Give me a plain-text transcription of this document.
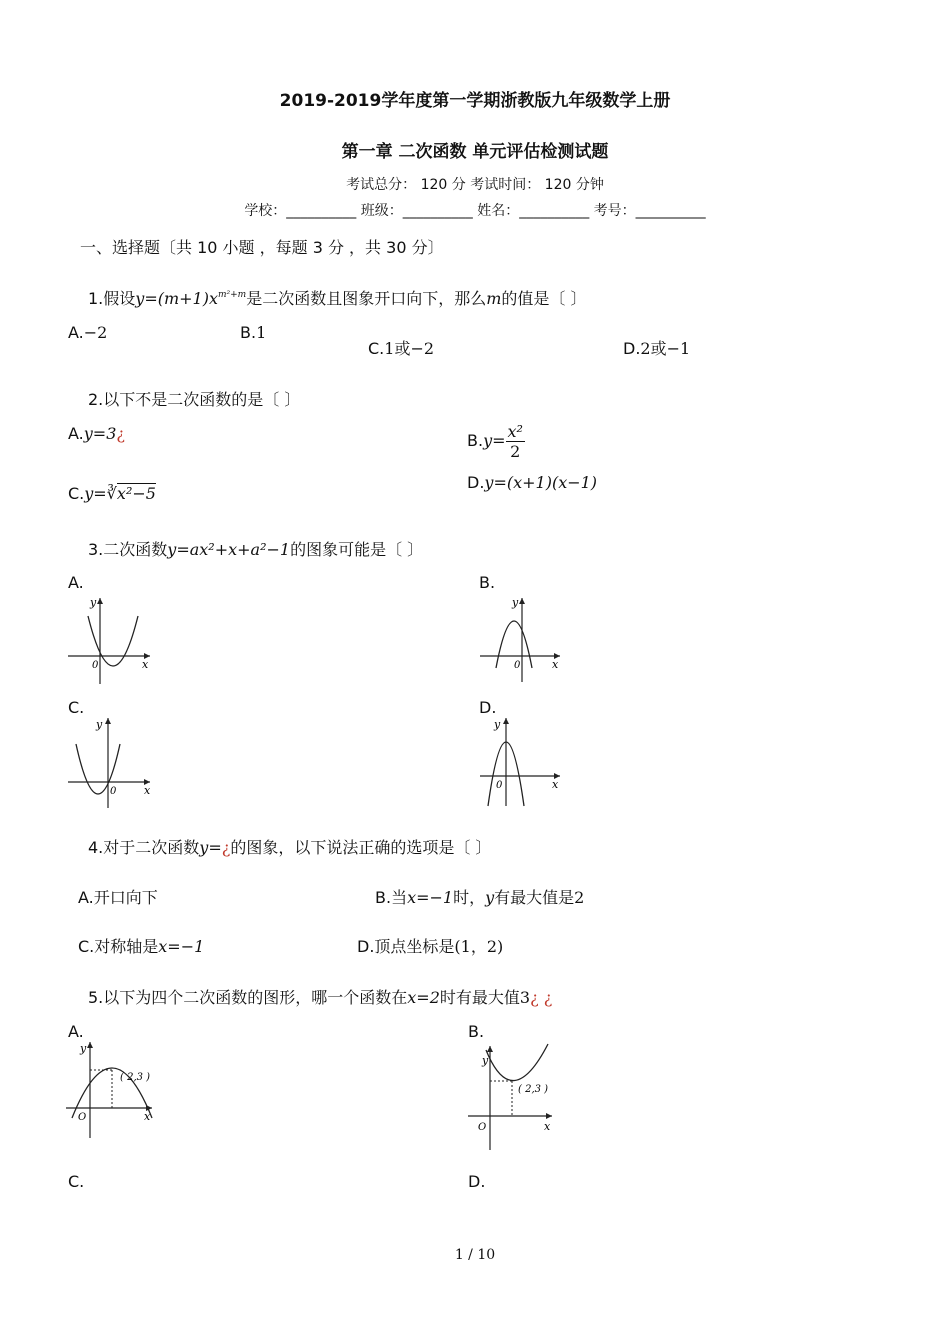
2019-2019学年度第一学期浙教版九年级数学上册
第一章 二次函数 单元评估检测试题
考试总分： 120 分 考试时间： 120 分钟
学校：__________ 班级：__________ 姓名：__________ 考号：__________
一、选择题〔共 10 小题 ，每题 3 分 ，共 30 分〕
1.假设$y=(m+1)x^{m^2+m}$是二次函数且图象开口向下，那么m的值是〔 〕
A.−2	B.1
C.1或−2	D.2或−1
2.以下不是二次函数的是〔 〕
A.y=3¿	$B.y= \frac{\text{x²}}{2}$
C.y=∛x²−5
D.y=(x+1)(x−1)
3.二次函数y=ax²+x+a²−1的图象可能是〔 〕
A.
y
x
0
B.
y
x
0
C.
y
x
0
D.
y
x
0
4.对于二次函数y=¿的图象，以下说法正确的选项是〔 〕
A.开口向下	B.当x=−1时，y有最大值是2
C.对称轴是x=−1	D.顶点坐标是(1，2)
5.以下为四个二次函数的图形，哪一个函数在x=2时有最大值3¿ ¿
A.
y
x
O
( 2,3 )
B.
y
x
O
( 2,3 )
C.	D.
1 / 10
